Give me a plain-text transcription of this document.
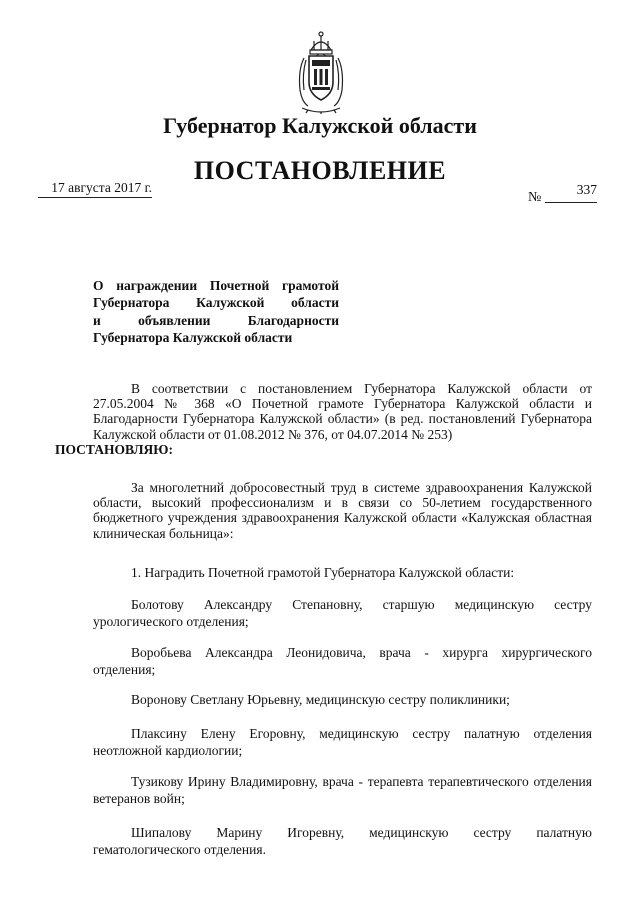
Губернатор Калужской области
ПОСТАНОВЛЕНИЕ
17 августа 2017 г.
№
337
О награждении Почетной грамотой
Губернатора Калужской области
и объявлении Благодарности
Губернатора Калужской области
В соответствии с постановлением Губернатора Калужской области от 27.05.2004 № 368 «О Почетной грамоте Губернатора Калужской области и Благодарности Губернатора Калужской области» (в ред. постановлений Губернатора Калужской области от 01.08.2012 № 376, от 04.07.2014 № 253)
ПОСТАНОВЛЯЮ:
За многолетний добросовестный труд в системе здравоохранения Калужской области, высокий профессионализм и в связи со 50-летием государственного бюджетного учреждения здравоохранения Калужской области «Калужская областная клиническая больница»:
1. Наградить Почетной грамотой Губернатора Калужской области:
Болотову Александру Степановну, старшую медицинскую сестру урологического отделения;
Воробьева Александра Леонидовича, врача - хирурга хирургического отделения;
Воронову Светлану Юрьевну, медицинскую сестру поликлиники;
Плаксину Елену Егоровну, медицинскую сестру палатную отделения неотложной кардиологии;
Тузикову Ирину Владимировну, врача - терапевта терапевтического отделения ветеранов войн;
Шипалову Марину Игоревну, медицинскую сестру палатную гематологического отделения.
